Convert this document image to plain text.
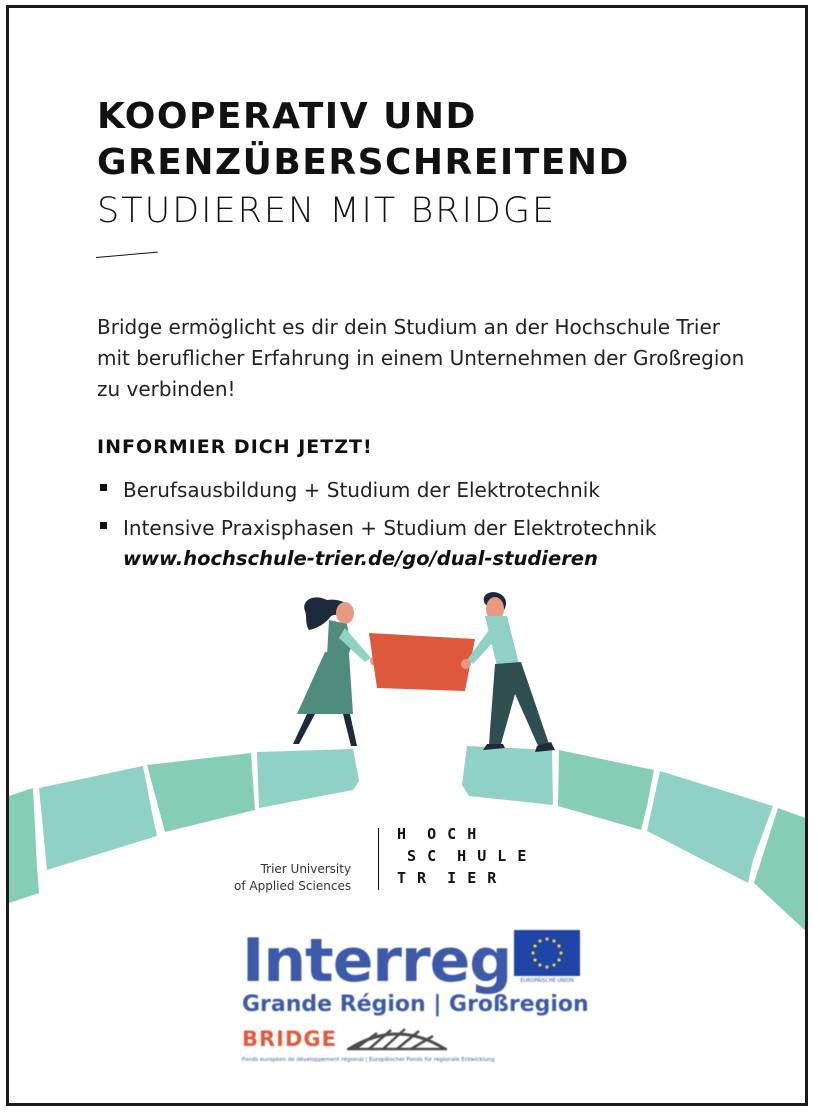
KOOPERATIV UND
GRENZÜBERSCHREITEND
STUDIEREN MIT BRIDGE
Bridge ermöglicht es dir dein Studium an der Hochschule Trier mit beruflicher Erfahrung in einem Unternehmen der Großregion zu verbinden!
INFORMIER DICH JETZT!
Berufsausbildung + Studium der Elektrotechnik
Intensive Praxisphasen + Studium der Elektrotechnik
www.hochschule-trier.de/go/dual-studieren
Trier University
of Applied Sciences
H  O C H
S C  H U L E
T R  I E R
Interreg	EUROPÄISCHE UNION
Grande Région | Großregion
BRIDGE
Fonds européen de développement régional | Europäischer Fonds für regionale Entwicklung
